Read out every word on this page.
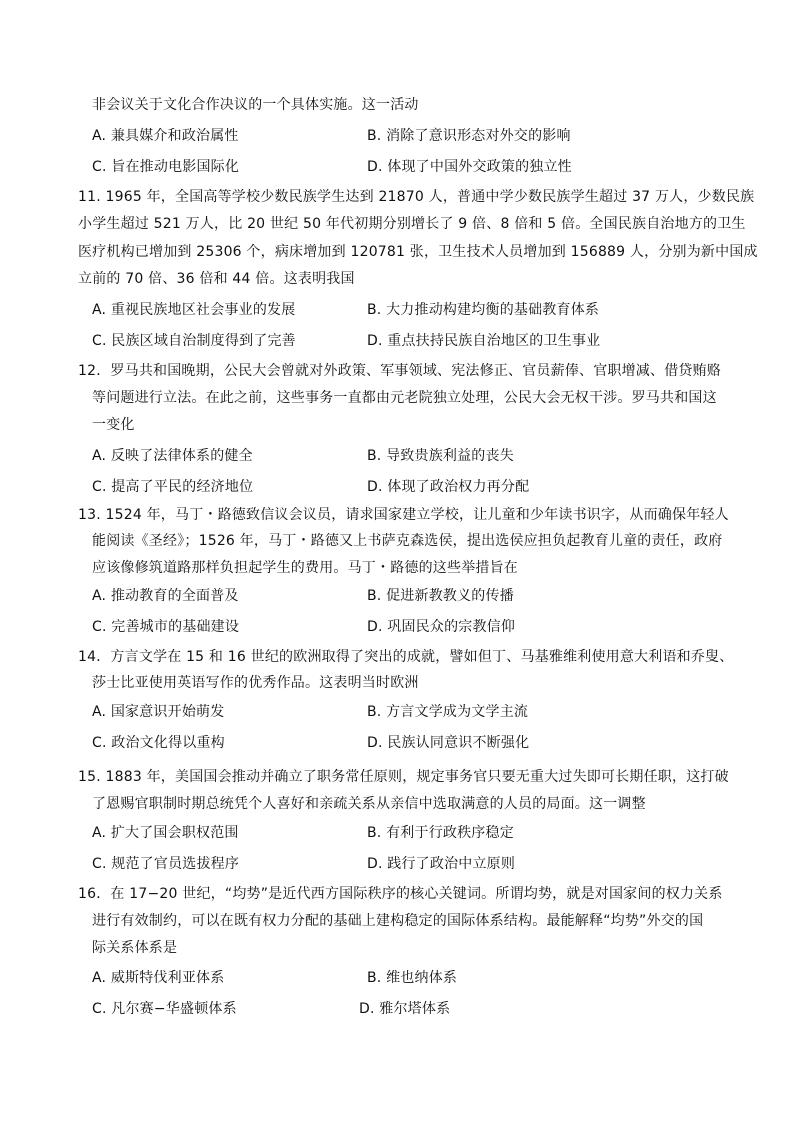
非会议关于文化合作决议的一个具体实施。这一活动
A. 兼具媒介和政治属性	B. 消除了意识形态对外交的影响
C. 旨在推动电影国际化	D. 体现了中国外交政策的独立性
11. 1965 年，全国高等学校少数民族学生达到 21870 人，普通中学少数民族学生超过 37 万人，少数民族
小学生超过 521 万人，比 20 世纪 50 年代初期分别增长了 9 倍、8 倍和 5 倍。全国民族自治地方的卫生
医疗机构已增加到 25306 个，病床增加到 120781 张，卫生技术人员增加到 156889 人，分别为新中国成
立前的 70 倍、36 倍和 44 倍。这表明我国
A. 重视民族地区社会事业的发展	B. 大力推动构建均衡的基础教育体系
C. 民族区域自治制度得到了完善	D. 重点扶持民族自治地区的卫生事业
12．罗马共和国晚期，公民大会曾就对外政策、军事领域、宪法修正、官员薪俸、官职增减、借贷贿赂
等问题进行立法。在此之前，这些事务一直都由元老院独立处理，公民大会无权干涉。罗马共和国这
一变化
A. 反映了法律体系的健全	B. 导致贵族利益的丧失
C. 提高了平民的经济地位	D. 体现了政治权力再分配
13. 1524 年，马丁・路德致信议会议员，请求国家建立学校，让儿童和少年读书识字，从而确保年轻人
能阅读《圣经》；1526 年，马丁・路德又上书萨克森选侯，提出选侯应担负起教育儿童的责任，政府
应该像修筑道路那样负担起学生的费用。马丁・路德的这些举措旨在
A. 推动教育的全面普及	B. 促进新教教义的传播
C. 完善城市的基础建设	D. 巩固民众的宗教信仰
14．方言文学在 15 和 16 世纪的欧洲取得了突出的成就，譬如但丁、马基雅维利使用意大利语和乔叟、
莎士比亚使用英语写作的优秀作品。这表明当时欧洲
A. 国家意识开始萌发	B. 方言文学成为文学主流
C. 政治文化得以重构	D. 民族认同意识不断强化
15. 1883 年，美国国会推动并确立了职务常任原则，规定事务官只要无重大过失即可长期任职，这打破
了恩赐官职制时期总统凭个人喜好和亲疏关系从亲信中选取满意的人员的局面。这一调整
A. 扩大了国会职权范围	B. 有利于行政秩序稳定
C. 规范了官员选拔程序	D. 践行了政治中立原则
16．在 17−20 世纪，“均势”是近代西方国际秩序的核心关键词。所谓均势，就是对国家间的权力关系
进行有效制约，可以在既有权力分配的基础上建构稳定的国际体系结构。最能解释“均势”外交的国
际关系体系是
A. 威斯特伐利亚体系	B. 维也纳体系
C. 凡尔赛−华盛顿体系	D. 雅尔塔体系
